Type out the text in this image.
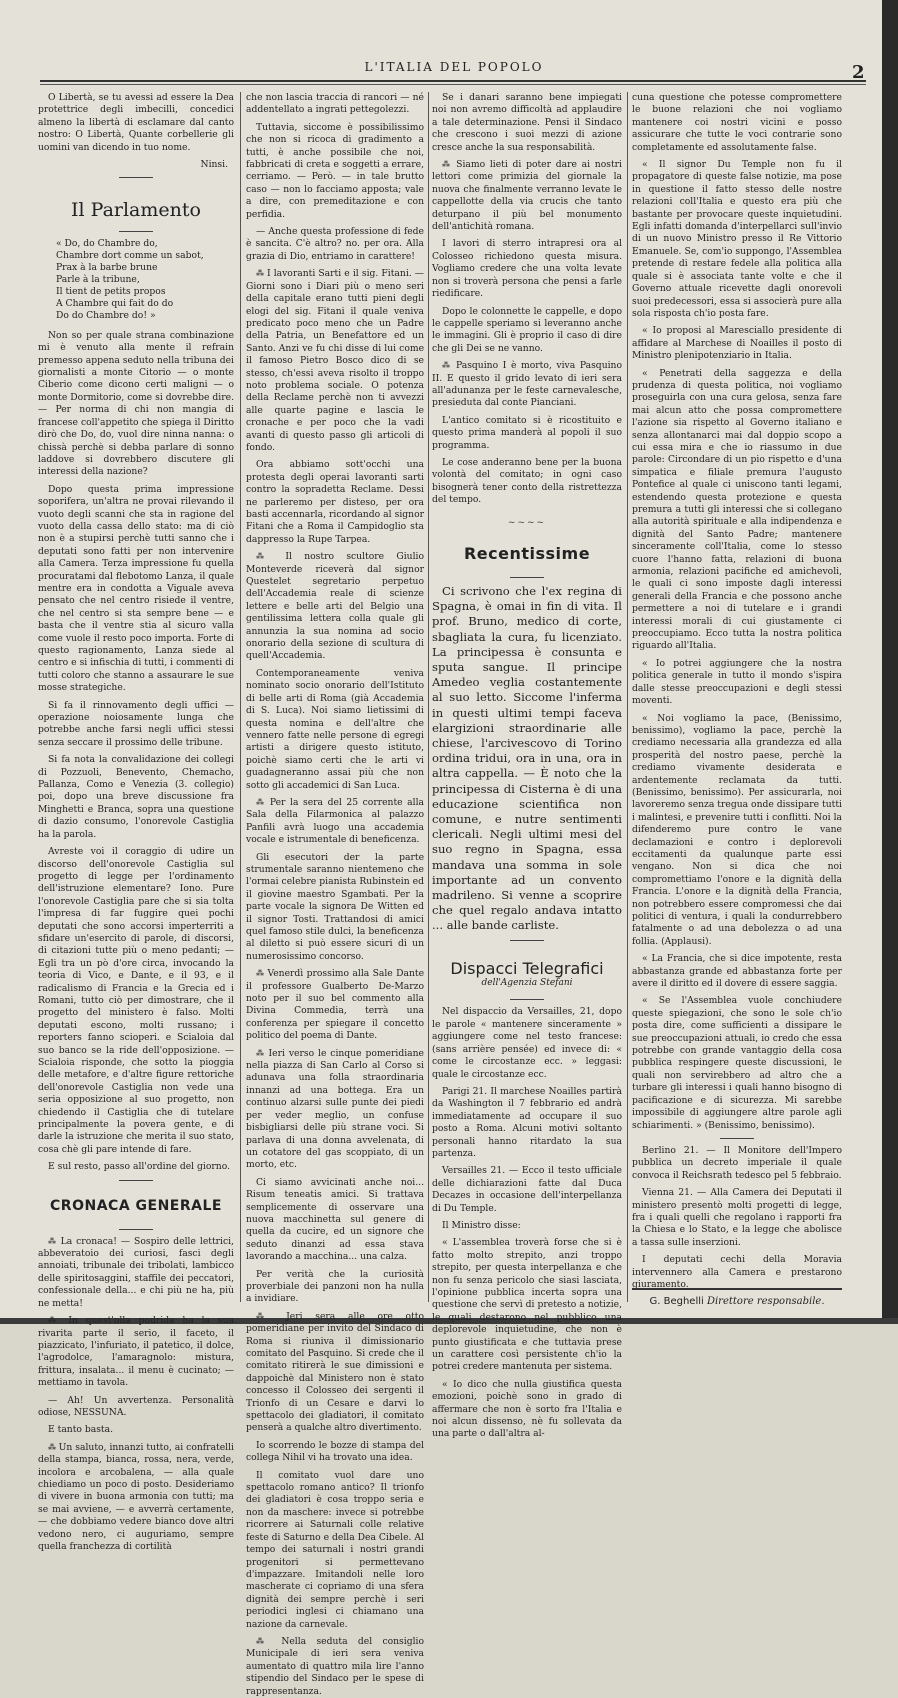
L'ITALIA DEL POPOLO	2

O Libertà, se tu avessi ad essere la Dea protettrice degli imbecilli, concedici almeno la libertà di esclamare dal canto nostro: O Libertà, Quante corbellerie gli uomini van dicendo in tuo nome.

Ninsi.
Il Parlamento
« Do, do Chambre do,
Chambre dort comme un sabot,
Prax à la barbe brune
Parle à la tribune,
Il tient de petits propos
A Chambre qui fait do do
Do do Chambre do! »

Non so per quale strana combinazione mi è venuto alla mente il refrain premesso appena seduto nella tribuna dei giornalisti a monte Citorio — o monte Ciberio come dicono certi maligni — o monte Dormitorio, come si dovrebbe dire. — Per norma di chi non mangia di francese coll'appetito che spiega il Diritto dirò che Do, do, vuol dire ninna nanna: o chissà perchè si debba parlare di sonno laddove si dovrebbero discutere gli interessi della nazione?

Dopo questa prima impressione soporifera, un'altra ne provai rilevando il vuoto degli scanni che sta in ragione del vuoto della cassa dello stato: ma di ciò non è a stupirsi perchè tutti sanno che i deputati sono fatti per non intervenire alla Camera. Terza impressione fu quella procuratami dal flebotomo Lanza, il quale mentre era in condotta a Viguale aveva pensato che nel centro risiede il ventre, che nel centro si sta sempre bene — e basta che il ventre stia al sicuro valla come vuole il resto poco importa. Forte di questo ragionamento, Lanza siede al centro e si infischia di tutti, i commenti di tutti coloro che stanno a assaurare le sue mosse strategiche.

Si fa il rinnovamento degli uffici — operazione noiosamente lunga che potrebbe anche farsi negli uffici stessi senza seccare il prossimo delle tribune.

Si fa nota la convalidazione dei collegi di Pozzuoli, Benevento, Chemacho, Pallanza, Como e Venezia (3. collegio) poi, dopo una breve discussione fra Minghetti e Branca, sopra una questione di dazio consumo, l'onorevole Castiglia ha la parola.

Avreste voi il coraggio di udire un discorso dell'onorevole Castiglia sul progetto di legge per l'ordinamento dell'istruzione elementare? Iono. Pure l'onorevole Castiglia pare che si sia tolta l'impresa di far fuggire quei pochi deputati che sono accorsi imperterriti a sfidare un'esercito di parole, di discorsi, di citazioni tutte più o meno pedanti; — Egli tra un pò d'ore circa, invocando la teoria di Vico, e Dante, e il 93, e il radicalismo di Francia e la Grecia ed i Romani, tutto ciò per dimostrare, che il progetto del ministero è falso. Molti deputati escono, molti russano; i reporters fanno scioperi. e Scialoia dal suo banco se la ride dell'opposizione. — Scialoia risponde, che sotto la pioggia delle metafore, e d'altre figure rettoriche dell'onorevole Castiglia non vede una seria opposizione al suo progetto, non chiedendo il Castiglia che di tutelare principalmente la povera gente, e di darle la istruzione che merita il suo stato, cosa chè gli pare intende di fare.

E sul resto, passo all'ordine del giorno.

CRONACA GENERALE

⁂ La cronaca! — Sospiro delle lettrici, abbeveratoio dei curiosi, fasci degli annoiati, tribunale dei tribolati, lambicco delle spiritosaggini, staffile dei peccatori, confessionale della... e chi più ne ha, più ne metta!

⁂ In quest'olla podrida ha la sua rivarita parte il serio, il faceto, il piazzicato, l'infuriato, il patetico, il dolce, l'agrodolce, l'amaragnolo: mistura, frittura, insalata... il menu è cucinato; — mettiamo in tavola.

— Ah! Un avvertenza. Personalità odiose, NESSUNA.

E tanto basta.

⁂ Un saluto, innanzi tutto, ai confratelli della stampa, bianca, rossa, nera, verde, incolora e arcobalena, — alla quale chiediamo un poco di posto. Desideriamo di vivere in buona armonia con tutti; ma se mai avviene, — e avverrà certamente, — che dobbiamo vedere bianco dove altri vedono nero, ci auguriamo, sempre quella franchezza di cortilità

che non lascia traccia di rancori — né addentellato a ingrati pettegolezzi.

Tuttavia, siccome è possibilissimo che non si ricoca di gradimento a tutti, è anche possibile che noi, fabbricati di creta e soggetti a errare, cerriamo. — Però. — in tale brutto caso — non lo facciamo apposta; vale a dire, con premeditazione e con perfidia.

— Anche questa professione di fede è sancita. C'è altro? no. per ora. Alla grazia di Dio, entriamo in carattere!

⁂ I lavoranti Sarti e il sig. Fitani. — Giorni sono i Diari più o meno seri della capitale erano tutti pieni degli elogi del sig. Fitani il quale veniva predicato poco meno che un Padre della Patria, un Benefattore ed un Santo. Anzi ve fu chi disse di lui come il famoso Pietro Bosco dico di se stesso, ch'essi aveva risolto il troppo noto problema sociale. O potenza della Reclame perchè non ti avvezzi alle quarte pagine e lascia le cronache e per poco che la vadi avanti di questo passo gli articoli di fondo.

Ora abbiamo sott'occhi una protesta degli operai lavoranti sarti contro la sopradetta Reclame. Dessi ne parleremo per disteso, per ora basti accennarla, ricordando al signor Fitani che a Roma il Campidoglio sta dappresso la Rupe Tarpea.

⁂ Il nostro scultore Giulio Monteverde riceverà dal signor Questelet segretario perpetuo dell'Accademia reale di scienze lettere e belle arti del Belgio una gentilissima lettera colla quale gli annunzia la sua nomina ad socio onorario della sezione di scultura di quell'Accademia.

Contemporaneamente veniva nominato socio onorario dell'Istituto di belle arti di Roma (già Accademia di S. Luca). Noi siamo lietissimi di questa nomina e dell'altre che vennero fatte nelle persone di egregi artisti a dirigere questo istituto, poichè siamo certi che le arti vi guadagneranno assai più che non sotto gli accademici di San Luca.

⁂ Per la sera del 25 corrente alla Sala della Filarmonica al palazzo Panfili avrà luogo una accademia vocale e istrumentale di beneficenza.

Gli esecutori der la parte strumentale saranno nientemeno che l'ormai celebre pianista Rubinstein ed il giovine maestro Sgambati. Per la parte vocale la signora De Witten ed il signor Tosti. Trattandosi di amici quel famoso stile dulci, la beneficenza al diletto si può essere sicuri di un numerosissimo concorso.

⁂ Venerdì prossimo alla Sale Dante il professore Gualberto De-Marzo noto per il suo bel commento alla Divina Commedia, terrà una conferenza per spiegare il concetto politico del poema di Dante.

⁂ Ieri verso le cinque pomeridiane nella piazza di San Carlo al Corso si adunava una folla straordinaria innanzi ad una bottega. Era un continuo alzarsi sulle punte dei piedi per veder meglio, un confuse bisbigliarsi delle più strane voci. Si parlava di una donna avvelenata, di un cotatore del gas scoppiato, di un morto, etc.

Ci siamo avvicinati anche noi... Risum teneatis amici. Si trattava semplicemente di osservare una nuova macchinetta sul genere di quella da cucire, ed un signore che seduto dinanzi ad essa stava lavorando a macchina... una calza.

Per verità che la curiosità proverbiale dei panzoni non ha nulla a invidiare.

⁂ Jeri sera alle ore otto pomeridiane per invito del Sindaco di Roma si riuniva il dimissionario comitato del Pasquino. Si crede che il comitato ritirerà le sue dimissioni e dappoichè dal Ministero non è stato concesso il Colosseo dei sergenti il Trionfo di un Cesare e darvi lo spettacolo dei gladiatori, il comitato penserà a qualche altro divertimento.

Io scorrendo le bozze di stampa del collega Nihil vi ha trovato una idea.

Il comitato vuol dare uno spettacolo romano antico? Il trionfo dei gladiatori è cosa troppo seria e non da maschere: invece si potrebbe ricorrere ai Saturnali colle relative feste di Saturno e della Dea Cibele. Al tempo dei saturnali i nostri grandi progenitori si permettevano d'impazzare. Imitandoli nelle loro mascherate ci copriamo di una sfera dignità dei sempre perchè i seri periodici inglesi ci chiamano una nazione da carnevale.

⁂ Nella seduta del consiglio Municipale di ieri sera veniva aumentato di quattro mila lire l'anno stipendio del Sindaco per le spese di rappresentanza.

Se i danari saranno bene impiegati noi non avremo difficoltà ad applaudire a tale determinazione. Pensi il Sindaco che crescono i suoi mezzi di azione cresce anche la sua responsabilità.

⁂ Siamo lieti di poter dare ai nostri lettori come primizia del giornale la nuova che finalmente verranno levate le cappellotte della via crucis che tanto deturpano il più bel monumento dell'antichità romana.

I lavori di sterro intrapresi ora al Colosseo richiedono questa misura. Vogliamo credere che una volta levate non si troverà persona che pensi a farle riedificare.

Dopo le colonnette le cappelle, e dopo le cappelle speriamo si leveranno anche le immagini. Gli è proprio il caso di dire che gli Dei se ne vanno.

⁂ Pasquino I è morto, viva Pasquino II. E questo il grido levato di ieri sera all'adunanza per le feste carnevalesche, presieduta dal conte Pianciani.

L'antico comitato si è ricostituito e questo prima manderà al popoli il suo programma.

Le cose anderanno bene per la buona volontà del comitato; in ogni caso bisognerà tener conto della ristrettezza del tempo.

~~~~
Recentissime

Ci scrivono che l'ex regina di Spagna, è omai in fin di vita. Il prof. Bruno, medico di corte, sbagliata la cura, fu licenziato. La principessa è consunta e sputa sangue. Il principe Amedeo veglia costantemente al suo letto. Siccome l'inferma in questi ultimi tempi faceva elargizioni straordinarie alle chiese, l'arcivescovo di Torino ordina tridui, ora in una, ora in altra cappella. — È noto che la principessa di Cisterna è di una educazione scientifica non comune, e nutre sentimenti clericali. Negli ultimi mesi del suo regno in Spagna, essa mandava una somma in sole importante ad un convento madrileno. Si venne a scoprire che quel regalo andava intatto ... alle bande carliste.

Dispacci Telegrafici
dell'Agenzia Stefani

Nel dispaccio da Versailles, 21, dopo le parole « mantenere sinceramente » aggiungere come nel testo francese: (sans arrière pensée) ed invece di: « come le circostanze ecc. » leggasi: quale le circostanze ecc.

Parigi 21. Il marchese Noailles partirà da Washington il 7 febbrario ed andrà immediatamente ad occupare il suo posto a Roma. Alcuni motivi soltanto personali hanno ritardato la sua partenza.

Versailles 21. — Ecco il testo ufficiale delle dichiarazioni fatte dal Duca Decazes in occasione dell'interpellanza di Du Temple.

Il Ministro disse:

« L'assemblea troverà forse che si è fatto molto strepito, anzi troppo strepito, per questa interpellanza e che non fu senza pericolo che siasi lasciata, l'opinione pubblica incerta sopra una questione che servì di pretesto a notizie, le quali destarono nel pubblico una deplorevole inquietudine, che non è punto giustificata e che tuttavia prese un carattere così persistente ch'io la potrei credere mantenuta per sistema.

« Io dico che nulla giustifica questa emozioni, poichè sono in grado di affermare che non è sorto fra l'Italia e noi alcun dissenso, nè fu sollevata da una parte o dall'altra al-

cuna questione che potesse compromettere le buone relazioni che noi vogliamo mantenere coi nostri vicini e posso assicurare che tutte le voci contrarie sono completamente ed assolutamente false.

« Il signor Du Temple non fu il propagatore di queste false notizie, ma pose in questione il fatto stesso delle nostre relazioni coll'Italia e questo era più che bastante per provocare queste inquietudini. Egli infatti domanda d'interpellarci sull'invio di un nuovo Ministro presso il Re Vittorio Emanuele. Se, com'io suppongo, l'Assemblea pretende di restare fedele alla politica alla quale si è associata tante volte e che il Governo attuale ricevette dagli onorevoli suoi predecessori, essa si associerà pure alla sola risposta ch'io posta fare.

« Io proposi al Maresciallo presidente di affidare al Marchese di Noailles il posto di Ministro plenipotenziario in Italia.

« Penetrati della saggezza e della prudenza di questa politica, noi vogliamo proseguirla con una cura gelosa, senza fare mai alcun atto che possa compromettere l'azione sia rispetto al Governo italiano e senza allontanarci mai dal doppio scopo a cui essa mira e che io riassumo in due parole: Circondare di un pio rispetto e d'una simpatica e filiale premura l'augusto Pontefice al quale ci uniscono tanti legami, estendendo questa protezione e questa premura a tutti gli interessi che si collegano alla autorità spirituale e alla indipendenza e dignità del Santo Padre; mantenere sinceramente coll'Italia, come lo stesso cuore l'hanno fatta, relazioni di buona armonia, relazioni pacifiche ed amichevoli, le quali ci sono imposte dagli interessi generali della Francia e che possono anche permettere a noi di tutelare e i grandi interessi morali di cui giustamente ci preoccupiamo. Ecco tutta la nostra politica riguardo all'Italia.

« Io potrei aggiungere che la nostra politica generale in tutto il mondo s'ispira dalle stesse preoccupazioni e degli stessi moventi.

« Noi vogliamo la pace, (Benissimo, benissimo), vogliamo la pace, perchè la crediamo necessaria alla grandezza ed alla prosperità del nostro paese, perchè la crediamo vivamente desiderata e ardentemente reclamata da tutti. (Benissimo, benissimo). Per assicurarla, noi lavoreremo senza tregua onde dissipare tutti i malintesi, e prevenire tutti i conflitti. Noi la difenderemo pure contro le vane declamazioni e contro i deplorevoli eccitamenti da qualunque parte essi vengano. Non si dica che noi compromettiamo l'onore e la dignità della Francia. L'onore e la dignità della Francia, non potrebbero essere compromessi che dai politici di ventura, i quali la condurrebbero fatalmente o ad una debolezza o ad una follia. (Applausi).

« La Francia, che si dice impotente, resta abbastanza grande ed abbastanza forte per avere il diritto ed il dovere di essere saggia.

« Se l'Assemblea vuole conchiudere queste spiegazioni, che sono le sole ch'io posta dire, come sufficienti a dissipare le sue preoccupazioni attuali, io credo che essa potrebbe con grande vantaggio della cosa pubblica respingere queste discussioni, le quali non servirebbero ad altro che a turbare gli interessi i quali hanno bisogno di pacificazione e di sicurezza. Mi sarebbe impossibile di aggiungere altre parole agli schiarimenti. » (Benissimo, benissimo).

Berlino 21. — Il Monitore dell'Impero pubblica un decreto imperiale il quale convoca il Reichsrath tedesco pel 5 febbraio.

Vienna 21. — Alla Camera dei Deputati il ministero presentò molti progetti di legge, fra i quali quelli che regolano i rapporti fra la Chiesa e lo Stato, e la legge che abolisce a tassa sulle inserzioni.

I deputati cechi della Moravia intervennero alla Camera e prestarono giuramento.

G. Beghelli Direttore responsabile.
